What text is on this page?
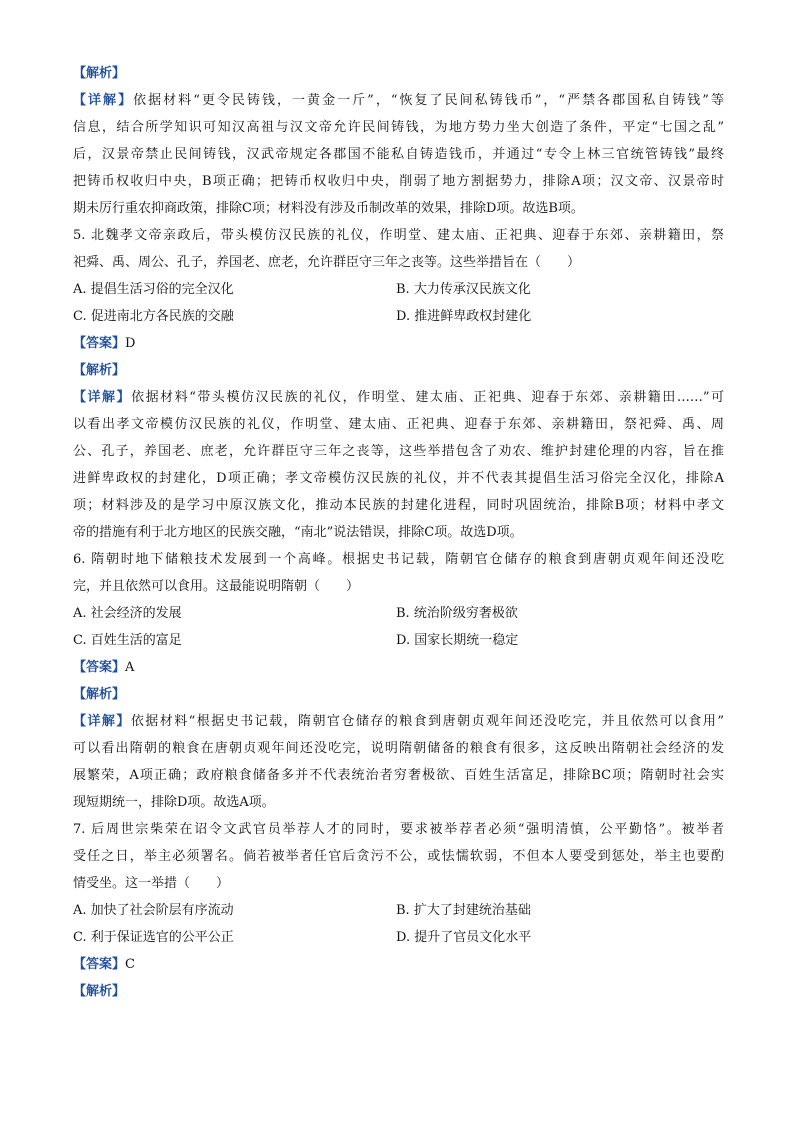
【解析】
【详解】依据材料“更令民铸钱，一黄金一斤”，“恢复了民间私铸钱币”，“严禁各郡国私自铸钱”等
信息，结合所学知识可知汉高祖与汉文帝允许民间铸钱，为地方势力坐大创造了条件，平定“七国之乱”
后，汉景帝禁止民间铸钱，汉武帝规定各郡国不能私自铸造钱币，并通过“专令上林三官统管铸钱”最终
把铸币权收归中央，B项正确；把铸币权收归中央，削弱了地方割据势力，排除A项；汉文帝、汉景帝时
期未厉行重农抑商政策，排除C项；材料没有涉及币制改革的效果，排除D项。故选B项。
5. 北魏孝文帝亲政后，带头模仿汉民族的礼仪，作明堂、建太庙、正祀典、迎春于东郊、亲耕籍田，祭
祀舜、禹、周公、孔子，养国老、庶老，允许群臣守三年之丧等。这些举措旨在（　　）
A. 提倡生活习俗的完全汉化	B. 大力传承汉民族文化
C. 促进南北方各民族的交融	D. 推进鲜卑政权封建化
【答案】D
【解析】
【详解】依据材料“带头模仿汉民族的礼仪，作明堂、建太庙、正祀典、迎春于东郊、亲耕籍田……”可
以看出孝文帝模仿汉民族的礼仪，作明堂、建太庙、正祀典、迎春于东郊、亲耕籍田，祭祀舜、禹、周
公、孔子，养国老、庶老，允许群臣守三年之丧等，这些举措包含了劝农、维护封建伦理的内容，旨在推
进鲜卑政权的封建化，D项正确；孝文帝模仿汉民族的礼仪，并不代表其提倡生活习俗完全汉化，排除A
项；材料涉及的是学习中原汉族文化，推动本民族的封建化进程，同时巩固统治，排除B项；材料中孝文
帝的措施有利于北方地区的民族交融，“南北”说法错误，排除C项。故选D项。
6. 隋朝时地下储粮技术发展到一个高峰。根据史书记载，隋朝官仓储存的粮食到唐朝贞观年间还没吃
完，并且依然可以食用。这最能说明隋朝（　　）
A. 社会经济的发展	B. 统治阶级穷奢极欲
C. 百姓生活的富足	D. 国家长期统一稳定
【答案】A
【解析】
【详解】依据材料“根据史书记载，隋朝官仓储存的粮食到唐朝贞观年间还没吃完，并且依然可以食用”
可以看出隋朝的粮食在唐朝贞观年间还没吃完，说明隋朝储备的粮食有很多，这反映出隋朝社会经济的发
展繁荣，A项正确；政府粮食储备多并不代表统治者穷奢极欲、百姓生活富足，排除BC项；隋朝时社会实
现短期统一，排除D项。故选A项。
7. 后周世宗柴荣在诏令文武官员举荐人才的同时，要求被举荐者必须“强明清慎，公平勤恪”。被举者
受任之日，举主必须署名。倘若被举者任官后贪污不公，或怯懦软弱，不但本人要受到惩处，举主也要酌
情受坐。这一举措（　　）
A. 加快了社会阶层有序流动	B. 扩大了封建统治基础
C. 利于保证选官的公平公正	D. 提升了官员文化水平
【答案】C
【解析】
